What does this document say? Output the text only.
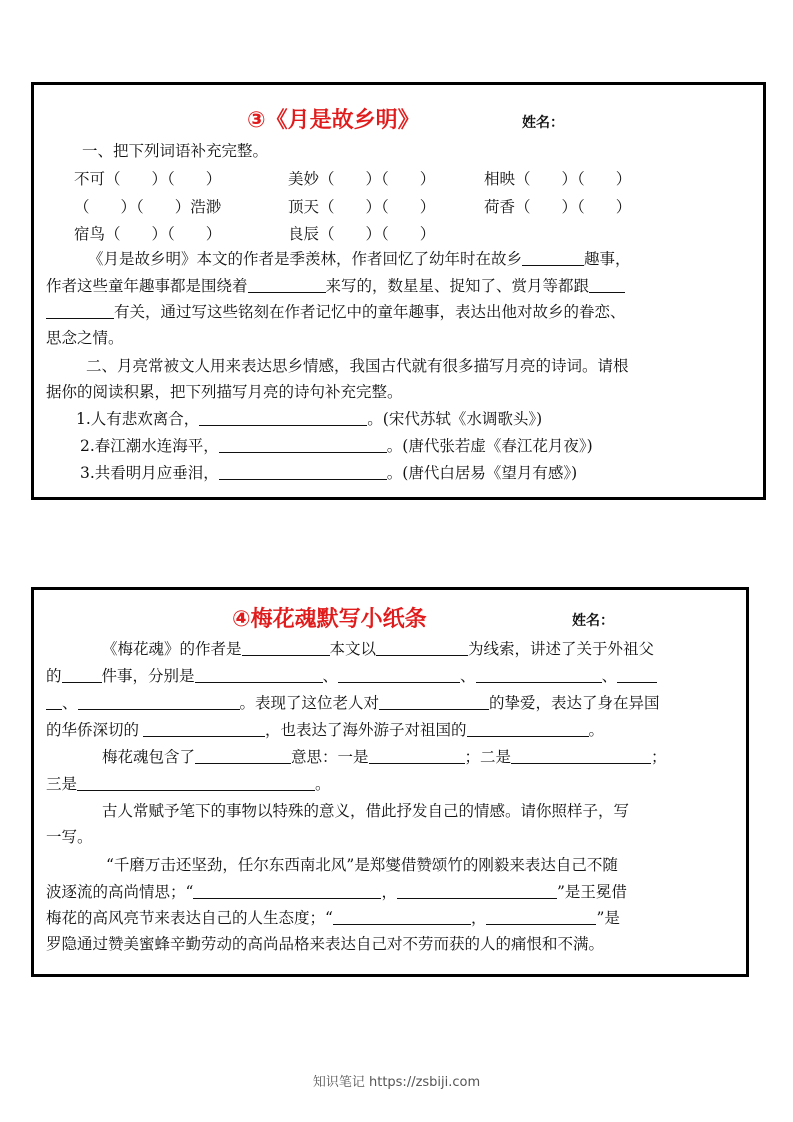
③《月是故乡明》	姓名：
一、把下列词语补充完整。
不可（　　）（　　）	美妙（　　）（　　）	相映（　　）（　　）
（　　）（　　）浩渺	顶天（　　）（　　）	荷香（　　）（　　）
宿鸟（　　）（　　）	良辰（　　）（　　）
《月是故乡明》本文的作者是季羡林，作者回忆了幼年时在故乡	趣事，
作者这些童年趣事都是围绕着	来写的，数星星、捉知了、赏月等都跟
有关，通过写这些铭刻在作者记忆中的童年趣事，表达出他对故乡的眷恋、
思念之情。
二、月亮常被文人用来表达思乡情感，我国古代就有很多描写月亮的诗词。请根
据你的阅读积累，把下列描写月亮的诗句补充完整。
1.人有悲欢离合，	。(宋代苏轼《水调歌头》)
2.春江潮水连海平，	。(唐代张若虚《春江花月夜》)
3.共看明月应垂泪，	。(唐代白居易《望月有感》)
④梅花魂默写小纸条	姓名：
《梅花魂》的作者是	本文以	为线索，讲述了关于外祖父
的	件事，分别是	、	、	、
、	。表现了这位老人对	的挚爱，表达了身在异国
的华侨深切的	，也表达了海外游子对祖国的	。
梅花魂包含了	意思：一是	；二是	；
三是	。
古人常赋予笔下的事物以特殊的意义，借此抒发自己的情感。请你照样子，写
一写。
“千磨万击还坚劲，任尔东西南北风”是郑燮借赞颂竹的刚毅来表达自己不随
波逐流的高尚情思；“	，	”是王冕借
梅花的高风亮节来表达自己的人生态度；“	，	”是
罗隐通过赞美蜜蜂辛勤劳动的高尚品格来表达自己对不劳而获的人的痛恨和不满。
知识笔记 https://zsbiji.com
